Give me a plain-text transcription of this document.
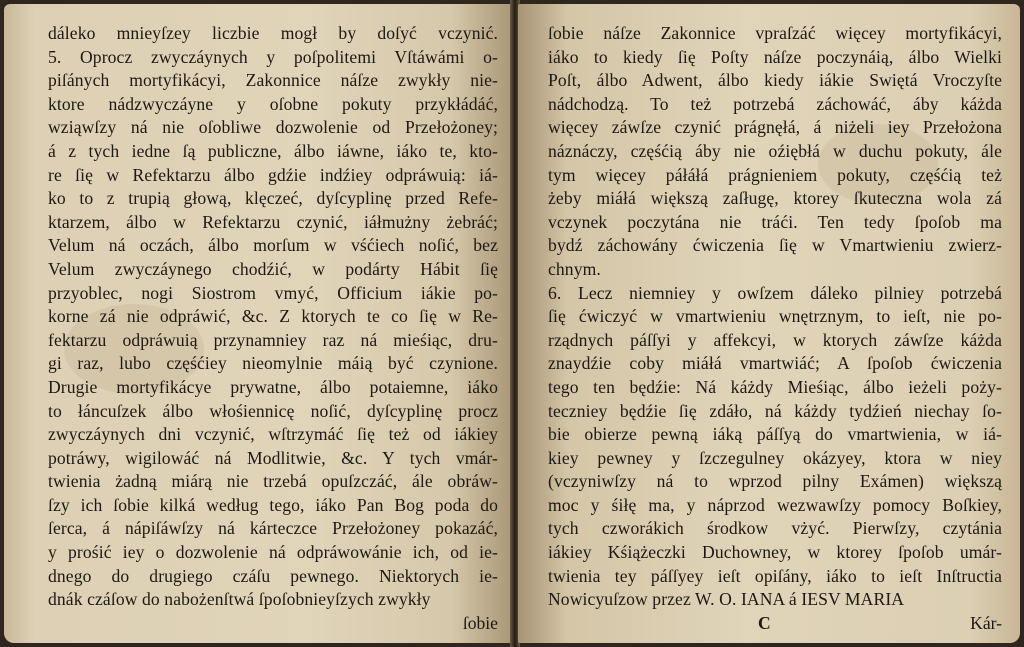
dáleko mnieyſzey liczbie mogł by doſyć vczynić.
5. Oprocz zwyczáynych y poſpolitemi Vſtáwámi o-
piſánych mortyfikácyi, Zakonnice náſze zwykły nie-
ktore nádzwyczáyne y oſobne pokuty przykłádáć,
wziąwſzy ná nie oſobliwe dozwolenie od Przełożoney;
á z tych iedne ſą publiczne, álbo iáwne, iáko te, kto-
re ſię w Refektarzu álbo gdźie indźiey odpráwuią: iá-
ko to z trupią głową, klęczeć, dyſcyplinę przed Refe-
ktarzem, álbo w Refektarzu czynić, iáłmużny żebráć;
Velum ná oczách, álbo morſum w vśćiech noſić, bez
Velum zwyczáynego chodźić, w podárty Hábit ſię
przyoblec, nogi Siostrom vmyć, Officium iákie po-
korne zá nie odpráwić, &c. Z ktorych te co ſię w Re-
fektarzu odpráwuią przynamniey raz ná mieśiąc, dru-
gi raz, lubo częśćiey nieomylnie máią być czynione.
Drugie mortyfikácye prywatne, álbo potaiemne, iáko
to łáncuſzek álbo włośiennicę noſić, dyſcyplinę procz
zwyczáynych dni vczynić, wſtrzymáć ſię też od iákiey
potráwy, wigilowáć ná Modlitwie, &c. Y tych vmár-
twienia żadną miárą nie trzebá opuſzczáć, ále obráw-
ſzy ich ſobie kilká według tego, iáko Pan Bog poda do
ſerca, á nápiſáwſzy ná kárteczce Przełożoney pokazáć,
y prośić iey o dozwolenie ná odpráwowánie ich, od ie-
dnego do drugiego czáſu pewnego. Niektorych ie-
dnák czáſow do nabożenſtwá ſpoſobnieyſzych zwykły
ſobie
ſobie náſze Zakonnice vpraſzáć więcey mortyfikácyi,
iáko to kiedy ſię Poſty náſze poczynáią, álbo Wielki
Poſt, álbo Adwent, álbo kiedy iákie Swiętá Vroczyſte
nádchodzą. To też potrzebá záchowáć, áby káżda
więcey záwſze czynić prágnęłá, á niżeli iey Przełożona
náznáczy, częśćią áby nie oźiębłá w duchu pokuty, ále
tym więcey páłáłá prágnieniem pokuty, częśćią też
żeby miáłá większą zaſługę, ktorey ſkuteczna wola zá
vczynek poczytána nie tráći. Ten tedy ſpoſob ma
bydź záchowány ćwiczenia ſię w Vmartwieniu zwierz-
chnym.
6. Lecz niemniey y owſzem dáleko pilniey potrzebá
ſię ćwiczyć w vmartwieniu wnętrznym, to ieſt, nie po-
rządnych páſſyi y affekcyi, w ktorych záwſze káżda
znaydźie coby miáłá vmartwiáć; A ſpoſob ćwiczenia
tego ten będźie: Ná káżdy Mieśiąc, álbo ieżeli poży-
teczniey będźie ſię zdáło, ná káżdy tydźień niechay ſo-
bie obierze pewną iáką páſſyą do vmartwienia, w iá-
kiey pewney y ſzczegulney okázyey, ktora w niey
(vczyniwſzy ná to wprzod pilny Exámen) większą
moc y śiłę ma, y náprzod wezwawſzy pomocy Boſkiey,
tych czworákich środkow vżyć. Pierwſzy, czytánia
iákiey Kśiążeczki Duchowney, w ktorey ſpoſob umár-
twienia tey páſſyey ieſt opiſány, iáko to ieſt Inſtructia
Nowicyuſzow przez W. O. IANA á IESV MARIA
C	Kár-
